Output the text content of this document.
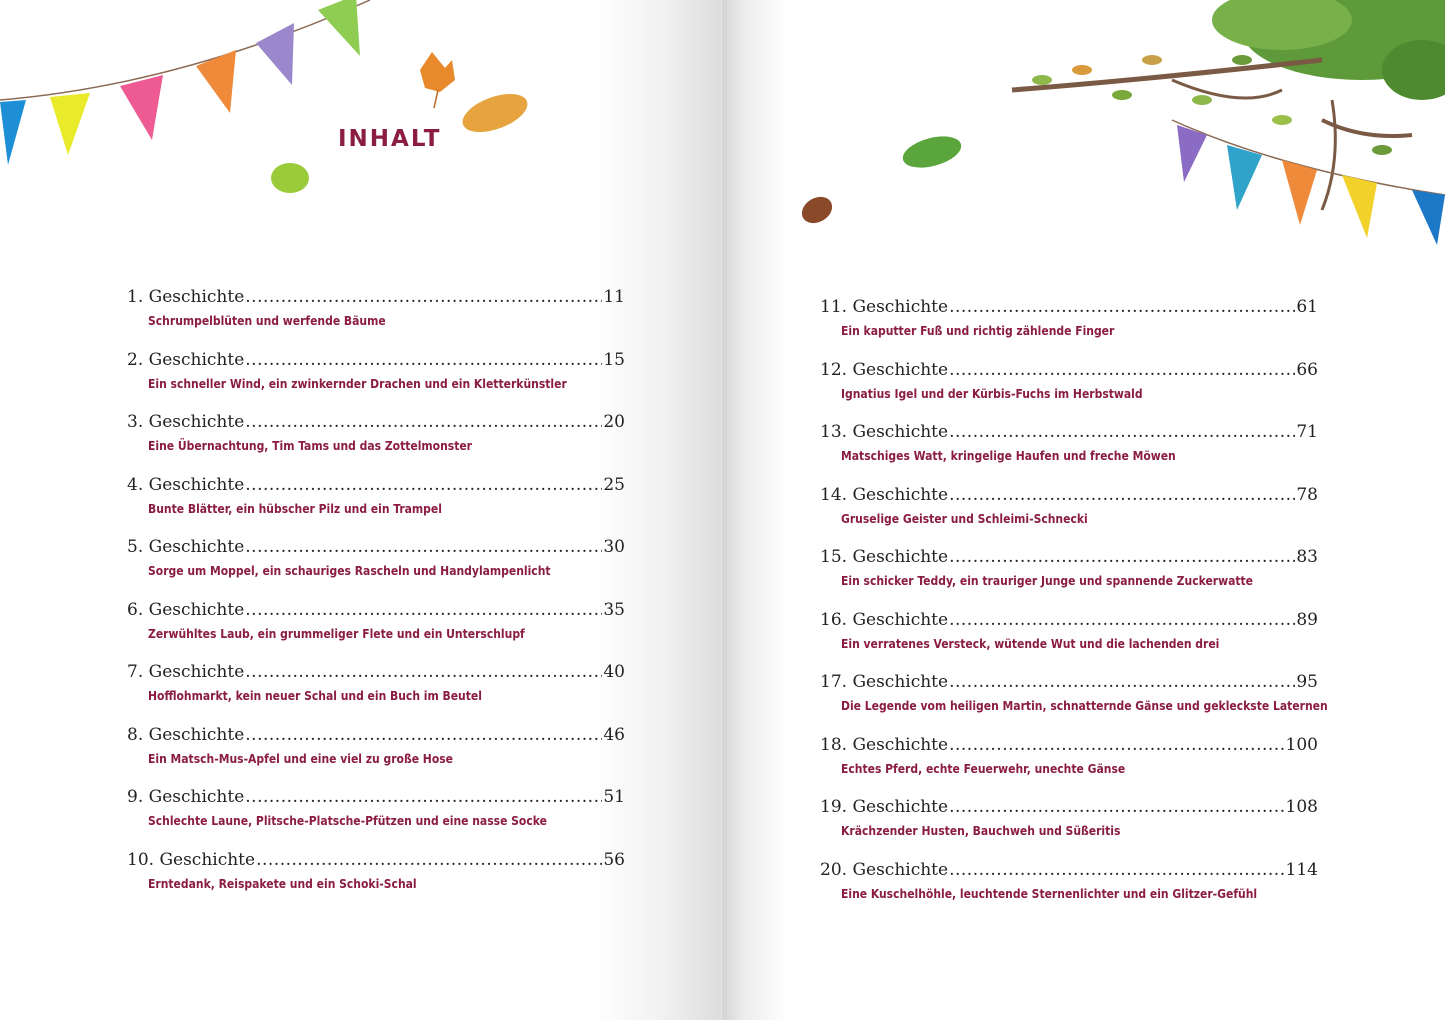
INHALT
1. Geschichte .....	11
Schrumpelblüten und werfende Bäume
2. Geschichte .....	15
Ein schneller Wind, ein zwinkernder Drachen und ein Kletterkünstler
3. Geschichte .....	20
Eine Übernachtung, Tim Tams und das Zottelmonster
4. Geschichte .....	25
Bunte Blätter, ein hübscher Pilz und ein Trampel
5. Geschichte .....	30
Sorge um Moppel, ein schauriges Rascheln und Handylampenlicht
6. Geschichte .....	35
Zerwühltes Laub, ein grummeliger Flete und ein Unterschlupf
7. Geschichte .....	40
Hofflohmarkt, kein neuer Schal und ein Buch im Beutel
8. Geschichte .....	46
Ein Matsch-Mus-Apfel und eine viel zu große Hose
9. Geschichte .....	51
Schlechte Laune, Plitsche-Platsche-Pfützen und eine nasse Socke
10. Geschichte .....	56
Erntedank, Reispakete und ein Schoki-Schal
11. Geschichte .....	61
Ein kaputter Fuß und richtig zählende Finger
12. Geschichte .....	66
Ignatius Igel und der Kürbis-Fuchs im Herbstwald
13. Geschichte .....	71
Matschiges Watt, kringelige Haufen und freche Möwen
14. Geschichte .....	78
Gruselige Geister und Schleimi-Schnecki
15. Geschichte .....	83
Ein schicker Teddy, ein trauriger Junge und spannende Zuckerwatte
16. Geschichte .....	89
Ein verratenes Versteck, wütende Wut und die lachenden drei
17. Geschichte .....	95
Die Legende vom heiligen Martin, schnatternde Gänse und gekleckste Laternen
18. Geschichte .....	100
Echtes Pferd, echte Feuerwehr, unechte Gänse
19. Geschichte .....	108
Krächzender Husten, Bauchweh und Süßeritis
20. Geschichte .....	114
Eine Kuschelhöhle, leuchtende Sternenlichter und ein Glitzer-Gefühl
